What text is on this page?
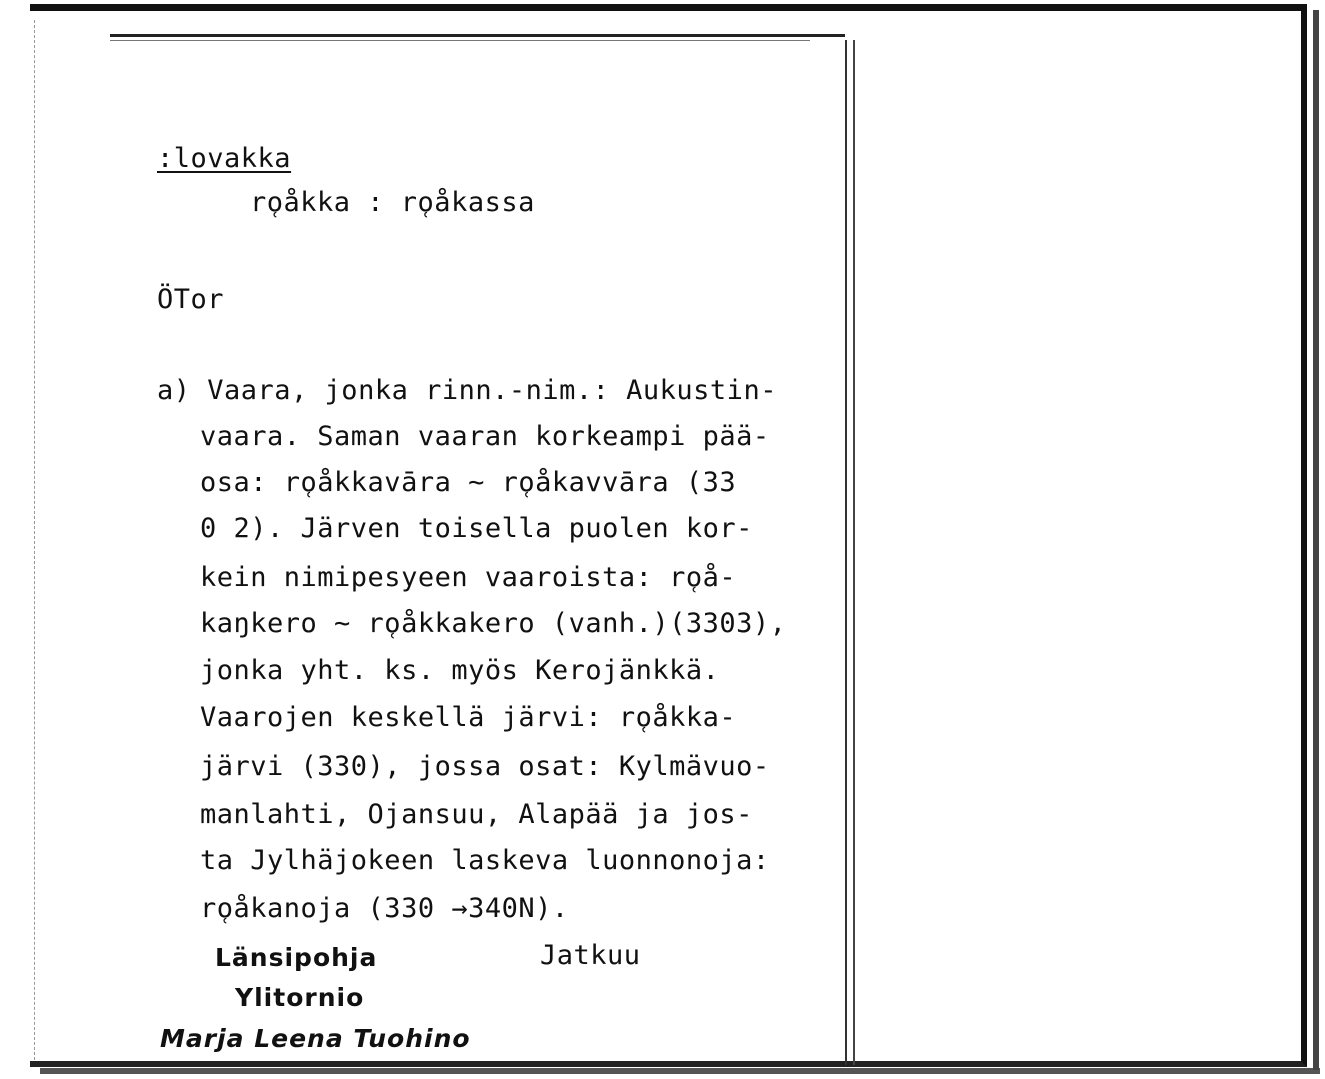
:lovakka
ro̜åkka : ro̜åkassa
ÖTor
a) Vaara, jonka rinn.-nim.: Aukustin-
vaara. Saman vaaran korkeampi pää-
osa: ro̜åkkavāra ~ ro̜åkavvāra (33
0 2). Järven toisella puolen kor-
kein nimipesyeen vaaroista: ro̜å-
kaŋkero ~ ro̜åkkakero (vanh.)(3303),
jonka yht. ks. myös Kerojänkkä.
Vaarojen keskellä järvi: ro̜åkka-
järvi (330), jossa osat: Kylmävuo-
manlahti, Ojansuu, Alapää ja jos-
ta Jylhäjokeen laskeva luonnonoja:
ro̜åkanoja (330 →340N).
Länsipohja	Jatkuu
Ylitornio
Marja Leena Tuohino
